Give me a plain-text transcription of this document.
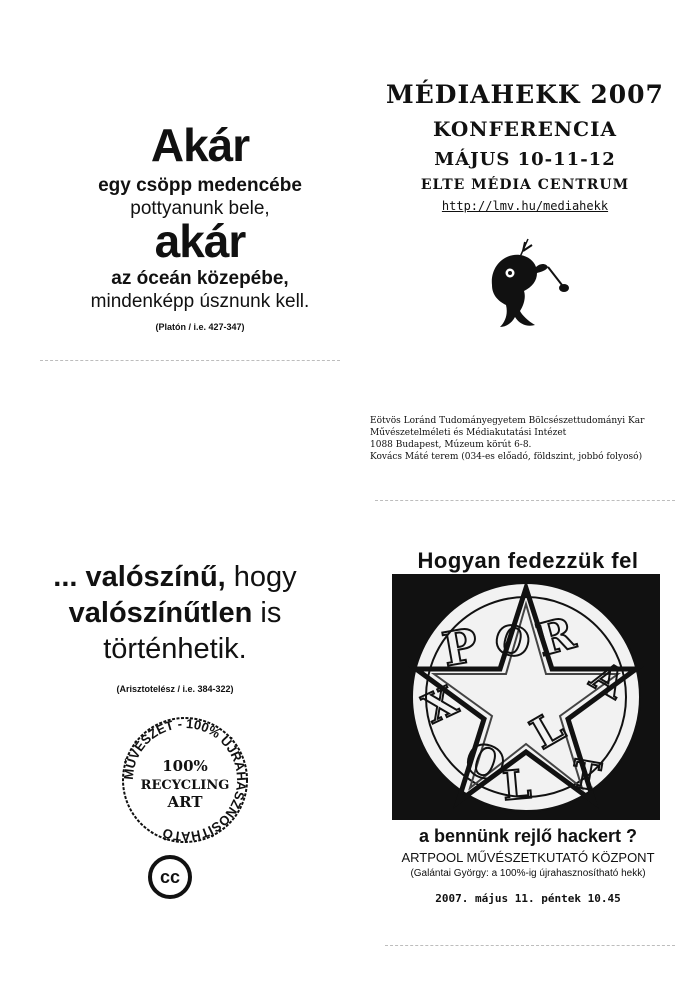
Akár
egy csöpp medencébe
pottyanunk bele,
akár
az óceán közepébe,
mindenképp úsznunk kell.
(Platón / i.e. 427-347)
MÉDIAHEKK 2007
KONFERENCIA
MÁJUS 10-11-12
ELTE MÉDIA CENTRUM
http://lmv.hu/mediahekk
Eötvös Loránd Tudományegyetem Bölcsészettudományi Kar
Művészetelméleti és Médiakutatási Intézet
1088 Budapest, Múzeum körút 6-8.
Kovács Máté terem (034-es előadó, földszint, jobbó folyosó)
... valószínű, hogy
valószínűtlen is
történhetik.
(Arisztotelész / i.e. 384-322)
MŰVÉSZET - 100% ÚJRAHASZNOSÍTHATÓ
100%
RECYCLING
ART
cc
Hogyan fedezzük fel
P O
R
A
X
O
L
T
L
a bennünk rejlő hackert ?
ARTPOOL MŰVÉSZETKUTATÓ KÖZPONT
(Galántai György: a 100%-ig újrahasznosítható hekk)
2007. május 11. péntek 10.45
